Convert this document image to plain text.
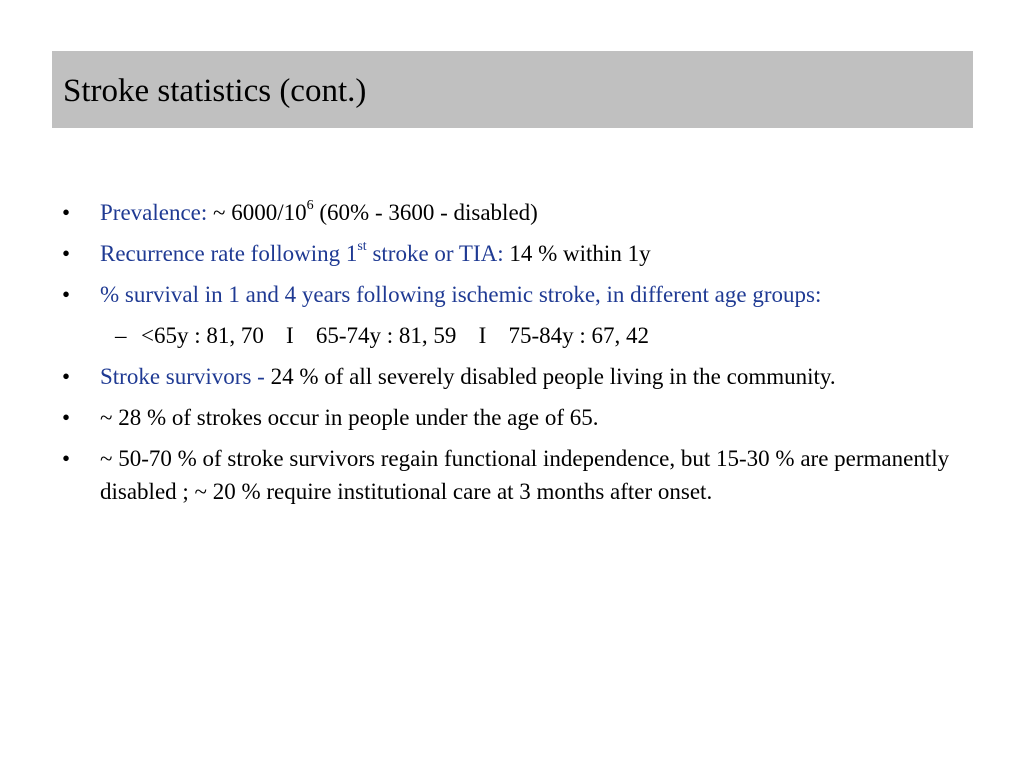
Stroke statistics (cont.)
• Prevalence: ~ $6000/10^6$ (60% - 3600 - disabled)
• Recurrence rate following 1st stroke or TIA: 14 % within 1y
• % survival in 1 and 4 years following ischemic stroke, in different age groups:
– <65y : 81, 70 I 65-74y : 81, 59 I 75-84y : 67, 42
• Stroke survivors - 24 % of all severely disabled people living in the community.
• ~ 28 % of strokes occur in people under the age of 65.
• ~ 50-70 % of stroke survivors regain functional independence, but 15-30 % are permanently disabled ; ~ 20 % require institutional care at 3 months after onset.
